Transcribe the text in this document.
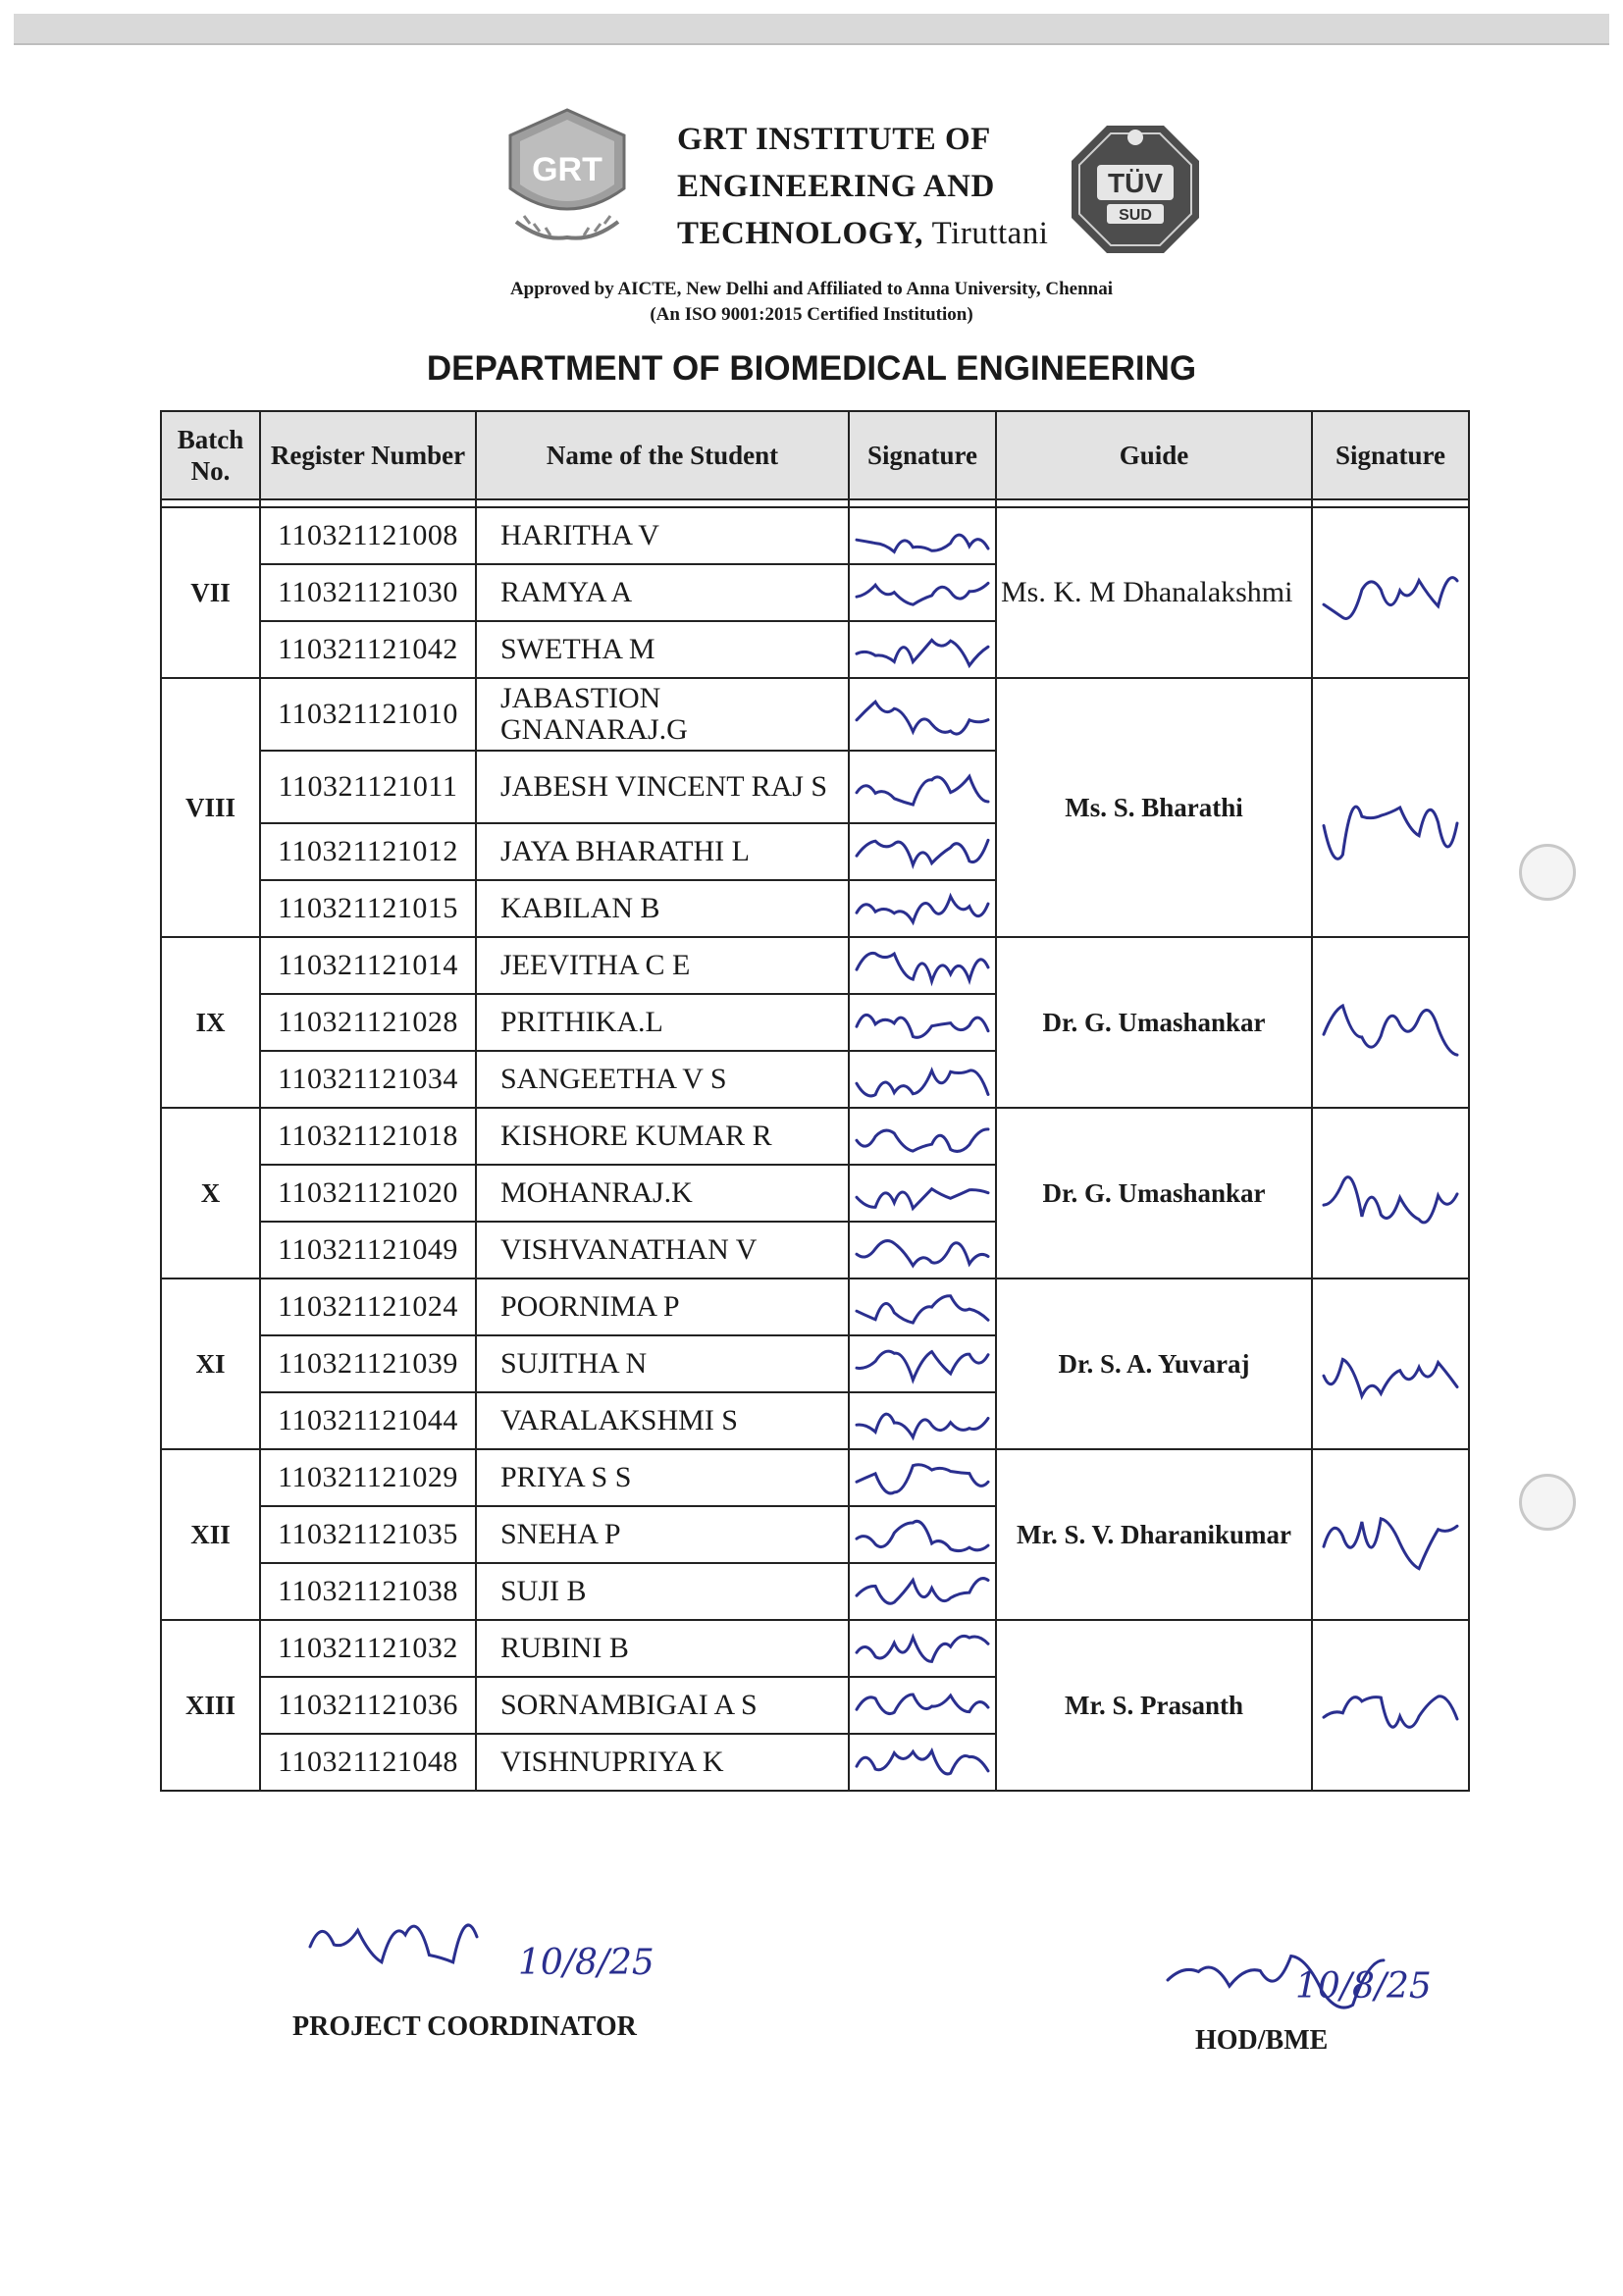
GRT
GRT INSTITUTE OF
ENGINEERING AND
TECHNOLOGY, Tiruttani
TÜV
SUD
Approved by AICTE, New Delhi and Affiliated to Anna University, Chennai
(An ISO 9001:2015 Certified Institution)
DEPARTMENT OF BIOMEDICAL ENGINEERING
Batch No.	Register Number	Name of the Student	Signature	Guide	Signature

VII	110321121008	HARITHA V		Ms. K. M Dhanalakshmi	
	110321121030	RAMYA A			
	110321121042	SWETHA M			
VIII	110321121010	JABASTION GNANARAJ.G		Ms. S. Bharathi	
	110321121011	JABESH VINCENT RAJ S			
	110321121012	JAYA BHARATHI L			
	110321121015	KABILAN B			
IX	110321121014	JEEVITHA C E		Dr. G. Umashankar	
	110321121028	PRITHIKA.L			
	110321121034	SANGEETHA V S			
X	110321121018	KISHORE KUMAR R		Dr. G. Umashankar	
	110321121020	MOHANRAJ.K			
	110321121049	VISHVANATHAN V			
XI	110321121024	POORNIMA P		Dr. S. A. Yuvaraj	
	110321121039	SUJITHA N			
	110321121044	VARALAKSHMI S			
XII	110321121029	PRIYA S S		Mr. S. V. Dharanikumar	
	110321121035	SNEHA P			
	110321121038	SUJI B			
XIII	110321121032	RUBINI B		Mr. S. Prasanth	
	110321121036	SORNAMBIGAI A S			
	110321121048	VISHNUPRIYA K			
10/8/25
10/8/25
PROJECT COORDINATOR	HOD/BME
